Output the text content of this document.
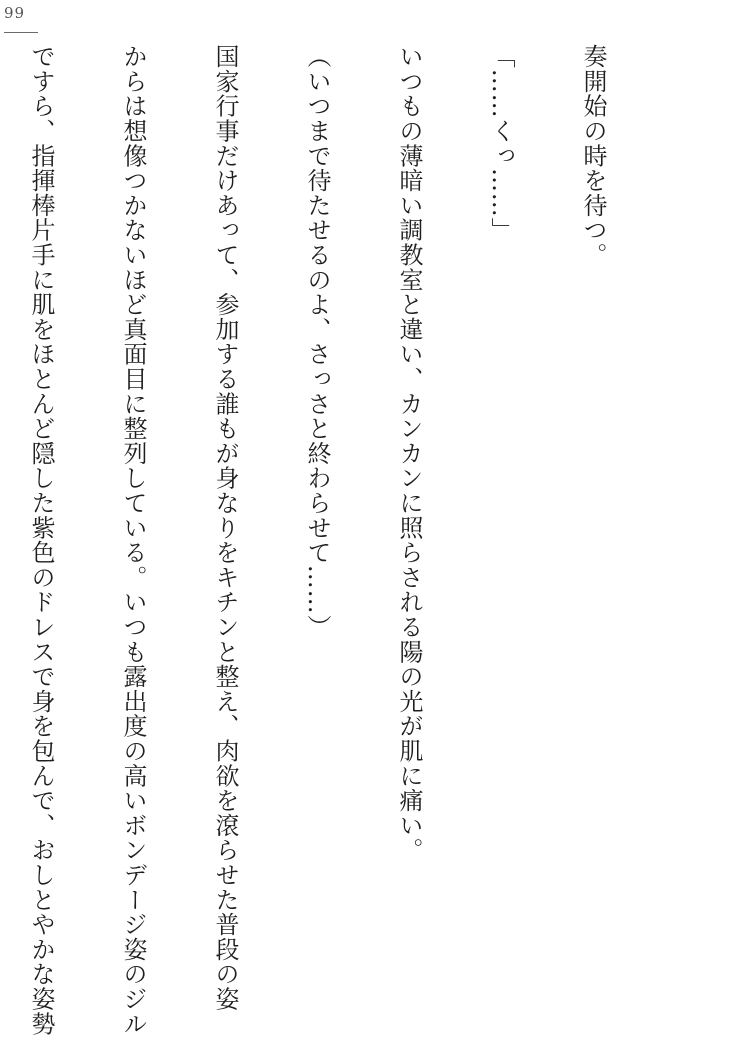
99

奏開始の時を待つ。

「……くっ……」

いつもの薄暗い調教室と違い、カンカンに照らされる陽の光が肌に痛い。

（いつまで待たせるのよ、さっさと終わらせて……）

国家行事だけあって、参加する誰もが身なりをキチンと整え、肉欲を滾らせた普段の姿

からは想像つかないほど真面目に整列している。いつも露出度の高いボンデージ姿のジル

ですら、指揮棒片手に肌をほとんど隠した紫色のドレスで身を包んで、おしとやかな姿勢
